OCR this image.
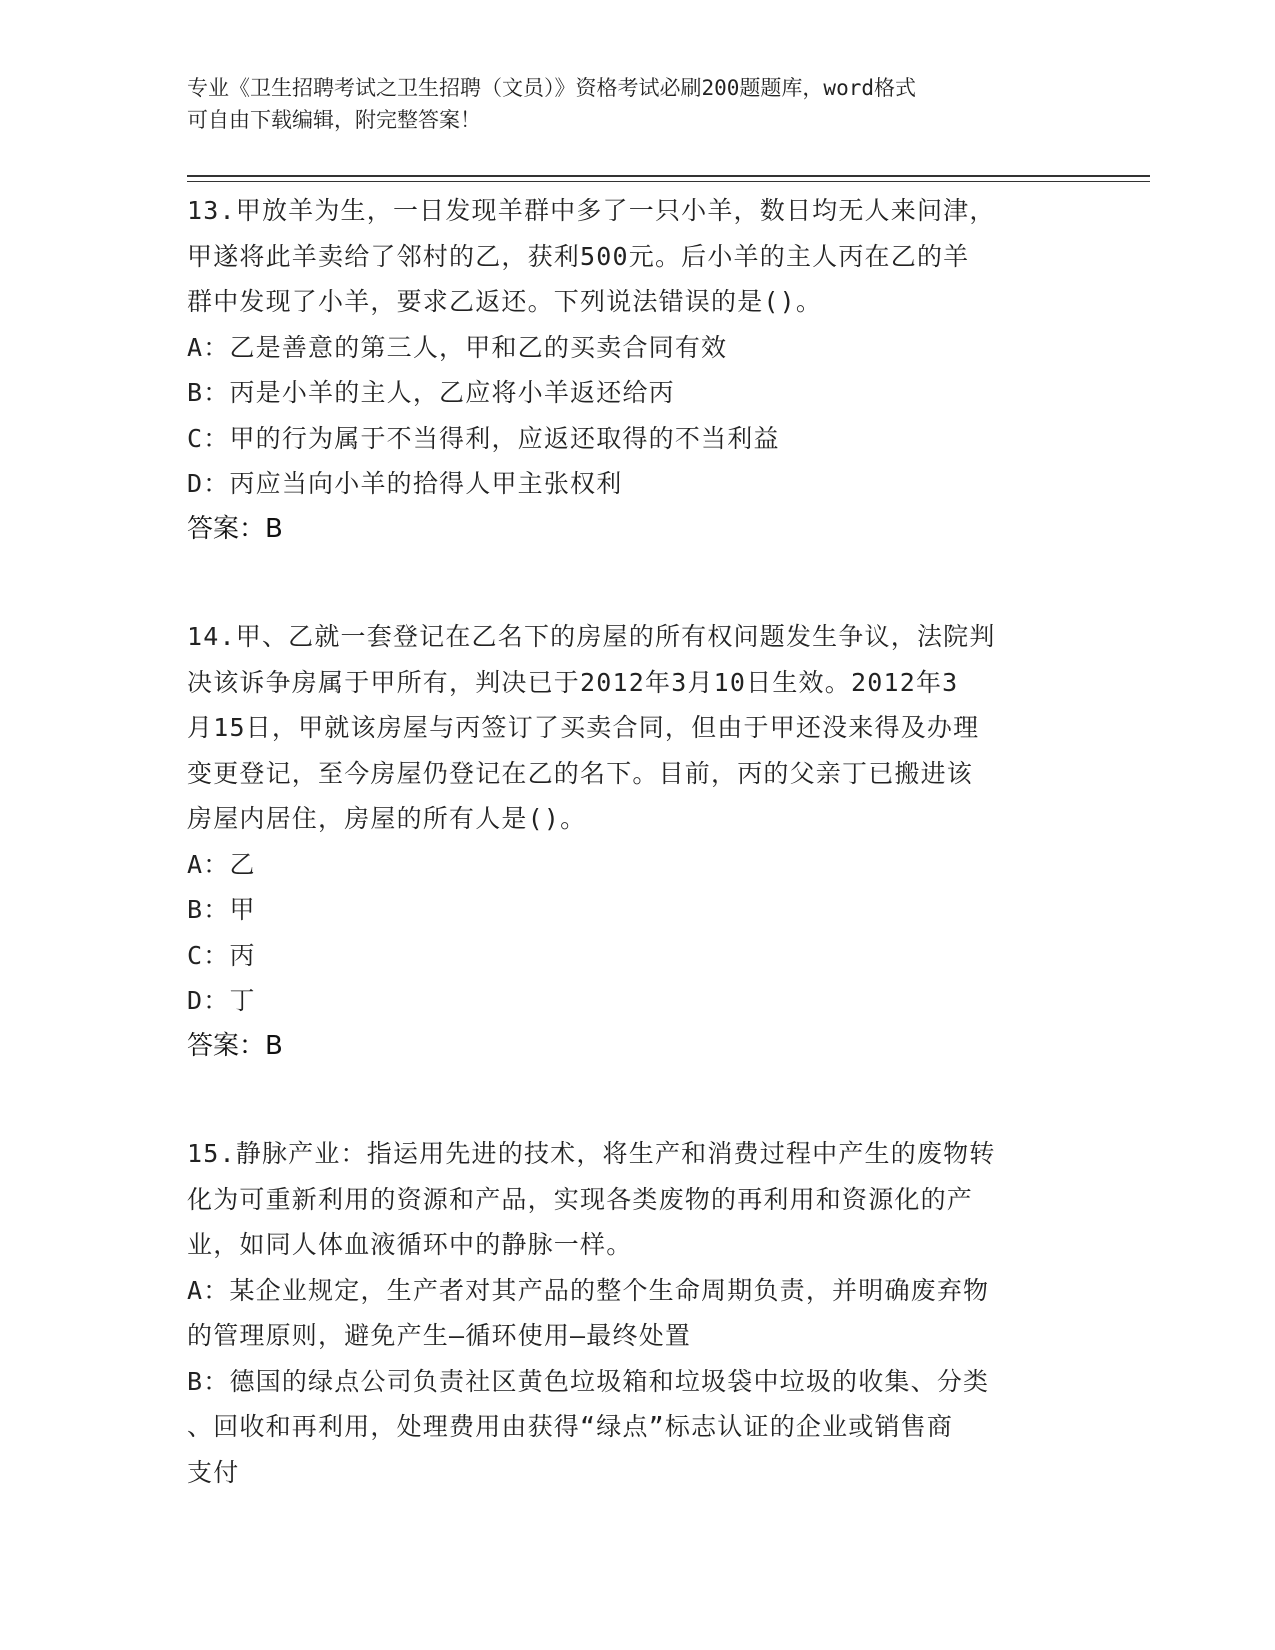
专业《卫生招聘考试之卫生招聘（文员）》资格考试必刷200题题库，word格式
可自由下载编辑，附完整答案！
13.甲放羊为生，一日发现羊群中多了一只小羊，数日均无人来问津，
甲遂将此羊卖给了邻村的乙，获利500元。后小羊的主人丙在乙的羊
群中发现了小羊，要求乙返还。下列说法错误的是()。
A：乙是善意的第三人，甲和乙的买卖合同有效
B：丙是小羊的主人，乙应将小羊返还给丙
C：甲的行为属于不当得利，应返还取得的不当利益
D：丙应当向小羊的拾得人甲主张权利
答案：B
14.甲、乙就一套登记在乙名下的房屋的所有权问题发生争议，法院判
决该诉争房属于甲所有，判决已于2012年3月10日生效。2012年3
月15日，甲就该房屋与丙签订了买卖合同，但由于甲还没来得及办理
变更登记，至今房屋仍登记在乙的名下。目前，丙的父亲丁已搬进该
房屋内居住，房屋的所有人是()。
A：乙
B：甲
C：丙
D：丁
答案：B
15.静脉产业：指运用先进的技术，将生产和消费过程中产生的废物转
化为可重新利用的资源和产品，实现各类废物的再利用和资源化的产
业，如同人体血液循环中的静脉一样。
A：某企业规定，生产者对其产品的整个生命周期负责，并明确废弃物
的管理原则，避免产生—循环使用—最终处置
B：德国的绿点公司负责社区黄色垃圾箱和垃圾袋中垃圾的收集、分类
、回收和再利用，处理费用由获得“绿点”标志认证的企业或销售商
支付
